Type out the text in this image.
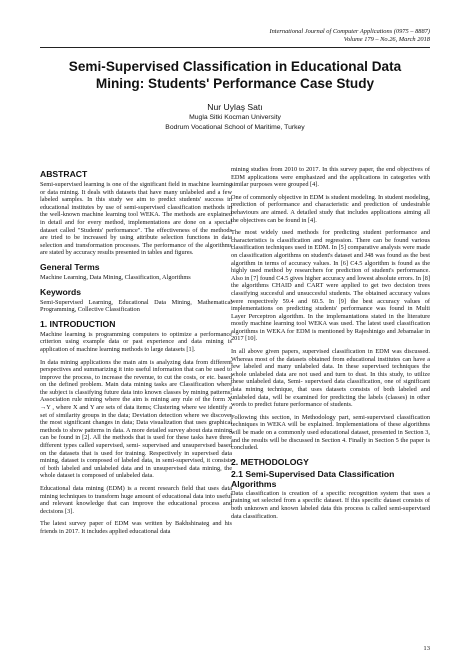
International Journal of Computer Applications (0975 – 8887)
Volume 179 – No.26, March 2018
Semi-Supervised Classification in Educational Data
Mining: Students' Performance Case Study
Nur Uylaş Satı
Mugla Sitki Kocman University
Bodrum Vocational School of Maritime, Turkey
ABSTRACT

Semi-supervised learning is one of the significant field in machine learning or data mining. It deals with datasets that have many unlabeled and a few labeled samples. In this study we aim to predict students' success in educational institutes by use of semi-supervised classification methods in the well-known machine learning tool WEKA. The methods are explained in detail and for every method, implementations are done on a special dataset called "Students' performance". The effectiveness of the methods are tried to be increased by using attribute selection functions in data selection and transformation processes. The performance of the algorithms are stated by accuracy results presented in tables and figures.

General Terms

Machine Learning, Data Mining, Classification, Algorithms

Keywords

Semi-Supervised Learning, Educational Data Mining, Mathematical Programming, Collective Classification

1. INTRODUCTION

Machine learning is programming computers to optimize a performance criterion using example data or past experience and data mining is application of machine learning methods to large datasets [1].

In data mining applications the main aim is analyzing data from different perspectives and summarizing it into useful information that can be used to improve the process, to increase the revenue, to cut the costs, or etc. based on the defined problem. Main data mining tasks are Classification where the subject is classifying future data into known classes by mining patterns; Association rule mining where the aim is mining any rule of the form X →Y , where X and Y are sets of data items; Clustering where we identify a set of similarity groups in the data; Deviation detection where we discover the most significant changes in data; Data visualization that uses graphical methods to show patterns in data. A more detailed survey about data mining can be found in [2]. All the methods that is used for these tasks have three different types called supervised, semi- supervised and unsupervised based on the datasets that is used for training. Respectively in supervised data mining, dataset is composed of labeled data, in semi-supervised, it consists of both labeled and unlabeled data and in unsupervised data mining, the whole dataset is composed of unlabeled data.

Educational data mining (EDM) is a recent research field that uses data mining techniques to transform huge amount of educational data into useful and relevant knowledge that can improve the educational process and decisions [3].

The latest survey paper of EDM was written by Bakhshinateg and his friends in 2017. It includes applied educational data

mining studies from 2010 to 2017. In this survey paper, the end objectives of EDM applications were emphasized and the applications in categories with similar purposes were grouped [4].

One of commonly objective in EDM is student modeling. In student modeling, prediction of performance and characteristic and prediction of undesirable behaviours are aimed. A detailed study that includes applications aiming all the objectives can be found in [4].

The most widely used methods for predicting student performance and characteristics is classification and regression. There can be found various classification techniques used in EDM. In [5] comparative analysis were made on classification algorithms on student's dataset and J48 was found as the best algorithm in terms of accuracy values. In [6] C4.5 algorithm is found as the highly used method by researchers for prediction of student's performance. Also in [7] found C4.5 gives higher accuracy and lowest absolute errors. In [8] the algorithms CHAID and CART were applied to get two decision trees classifying succesful and unsuccesful students. The obtained accuracy values were respectively 59.4 and 60.5. In [9] the best accuracy values of implementations on predicting students' performance was found in Multi Layer Perceptron algorithm. In the implemantations stated in the literature mostly machine learning tool WEKA was used. The latest used classification algorithms in WEKA for EDM is mentioned by Rajeshinigo and Jebamalar in 2017 [10].

In all above given papers, supervised classification in EDM was discussed. Whereas most of the datasets obtained from educational institutes can have a few labeled and many unlabeled data. In these supervised techniques the whole unlabeled data are not used and turn to dust. In this study, to utilize these unlabeled data, Semi- supervised data classification, one of significant data mining technique, that uses datasets consists of both labeled and unlabeled data, will be examined for predicting the labels (classes) in other words to predict future performance of students.

Following this section, in Methodology part, semi-supervised classification techniques in WEKA will be explained. Implementations of these algorithms will be made on a commonly used educational dataset, presented in Section 3, and the results will be discussed in Section 4. Finally in Section 5 the paper is concluded.

2. METHODOLOGY
2.1 Semi-Supervised Data Classification Algorithms

Data classification is creation of a specific recognition system that uses a training set selected from a specific dataset. If this specific dataset consists of both unknown and known labeled data this process is called semi-supervised data classification.

13
